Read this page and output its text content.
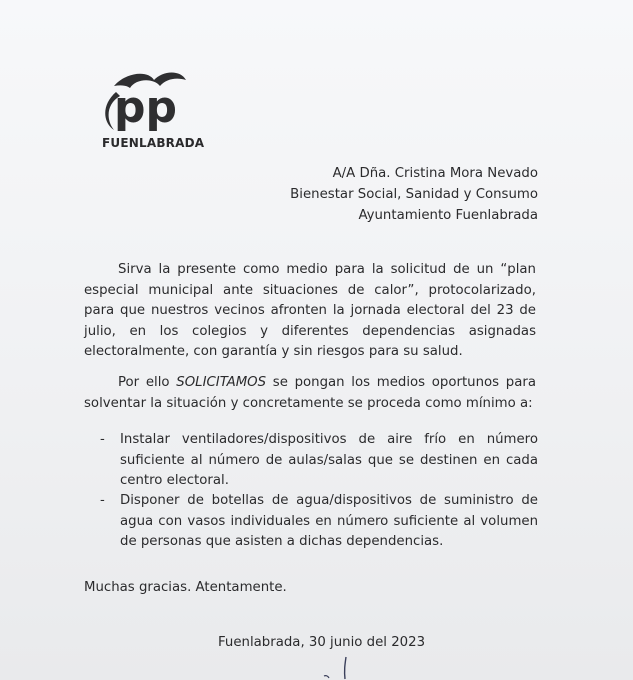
pp
FUENLABRADA
A/A Dña. Cristina Mora Nevado
Bienestar Social, Sanidad y Consumo
Ayuntamiento Fuenlabrada

Sirva la presente como medio para la solicitud de un “plan especial municipal ante situaciones de calor”, protocolarizado, para que nuestros vecinos afronten la jornada electoral del 23 de julio, en los colegios y diferentes dependencias asignadas electoralmente, con garantía y sin riesgos para su salud.

Por ello SOLICITAMOS se pongan los medios oportunos para solventar la situación y concretamente se proceda como mínimo a:

- Instalar ventiladores/dispositivos de aire frío en número suficiente al número de aulas/salas que se destinen en cada centro electoral.
- Disponer de botellas de agua/dispositivos de suministro de agua con vasos individuales en número suficiente al volumen de personas que asisten a dichas dependencias.
Muchas gracias. Atentamente.
Fuenlabrada, 30 junio del 2023
